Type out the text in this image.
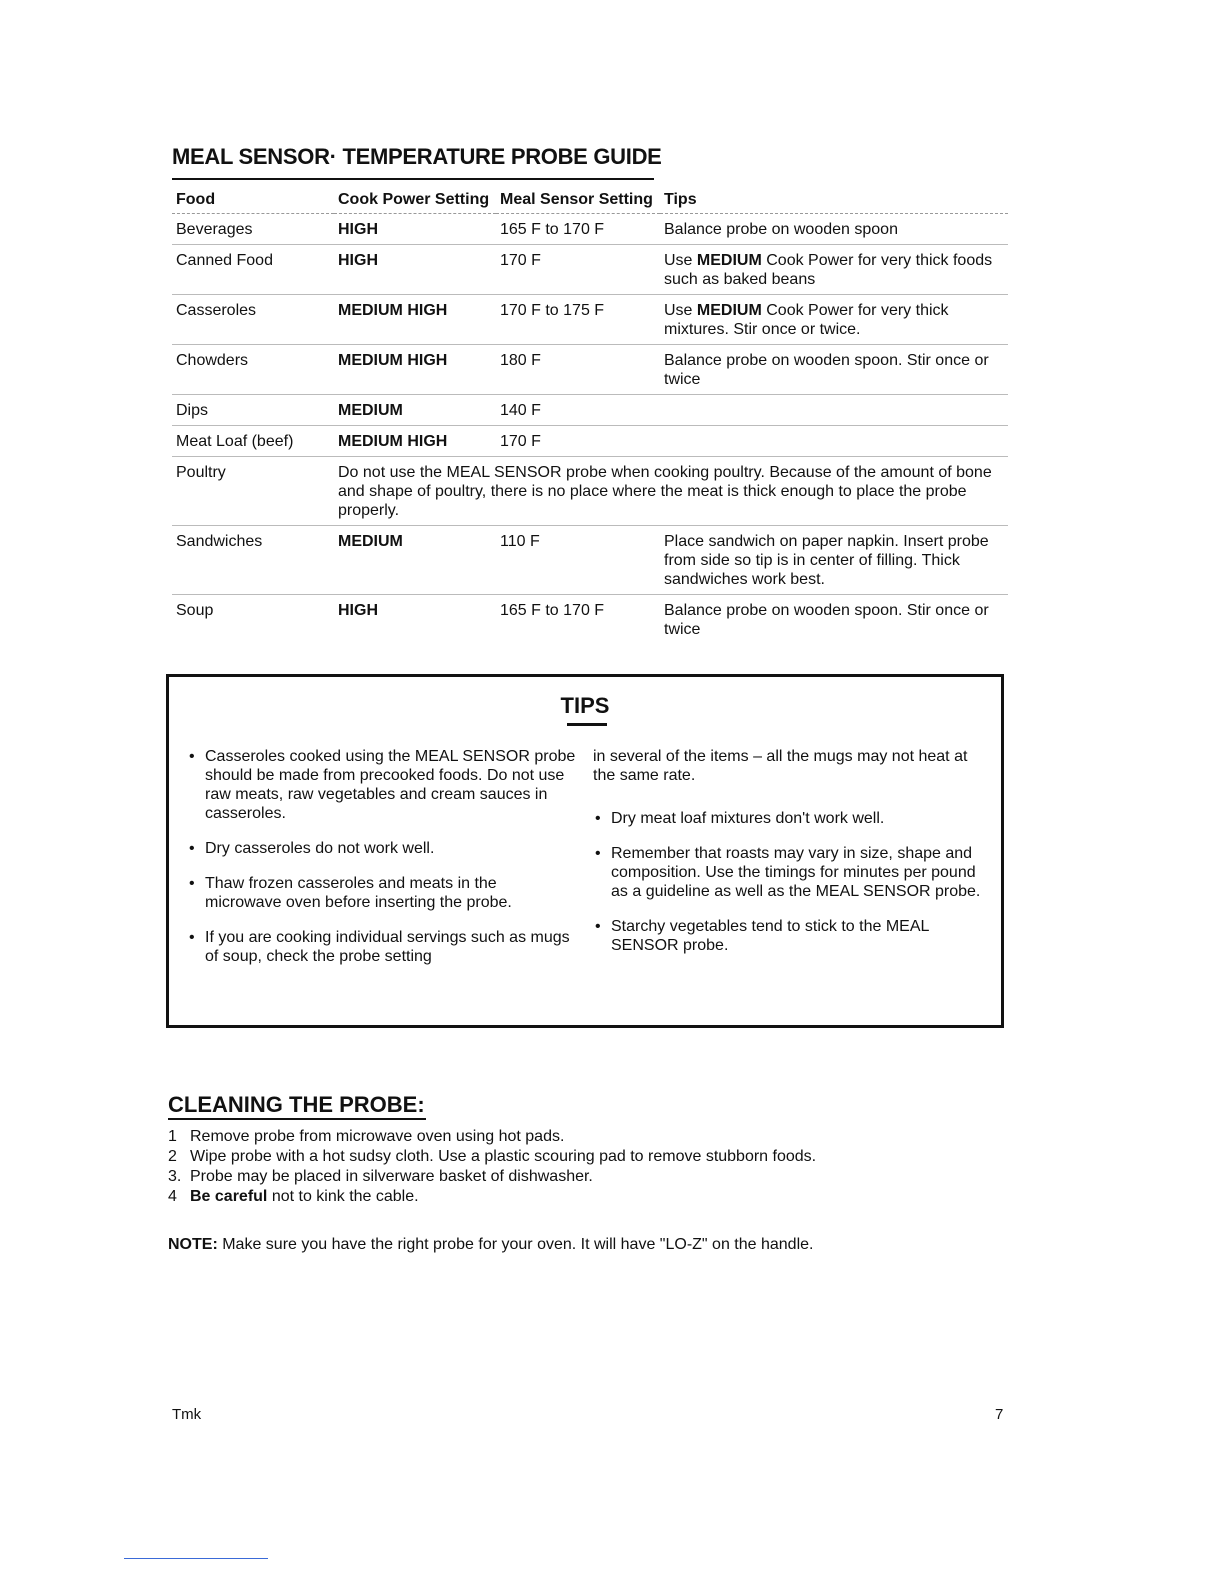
MEAL SENSOR· TEMPERATURE PROBE GUIDE
Food	Cook Power Setting	Meal Sensor Setting	Tips
Beverages	HIGH	165 F to 170 F	Balance probe on wooden spoon
Canned Food	HIGH	170 F	Use MEDIUM Cook Power for very thick foods such as baked beans
Casseroles	MEDIUM HIGH	170 F to 175 F	Use MEDIUM Cook Power for very thick mixtures. Stir once or twice.
Chowders	MEDIUM HIGH	180 F	Balance probe on wooden spoon. Stir once or twice
Dips	MEDIUM	140 F	
Meat Loaf (beef)	MEDIUM HIGH	170 F	
Poultry	Do not use the MEAL SENSOR probe when cooking poultry. Because of the amount of bone and shape of poultry, there is no place where the meat is thick enough to place the probe properly.		
Sandwiches	MEDIUM	110 F	Place sandwich on paper napkin. Insert probe from side so tip is in center of filling. Thick sandwiches work best.
Soup	HIGH	165 F to 170 F	Balance probe on wooden spoon. Stir once or twice
TIPS
• Casseroles cooked using the MEAL SENSOR probe should be made from precooked foods. Do not use raw meats, raw vegetables and cream sauces in casseroles.
• Dry casseroles do not work well.
• Thaw frozen casseroles and meats in the microwave oven before inserting the probe.
• If you are cooking individual servings such as mugs of soup, check the probe setting
in several of the items – all the mugs may not heat at the same rate.
• Dry meat loaf mixtures don't work well.
• Remember that roasts may vary in size, shape and composition. Use the timings for minutes per pound as a guideline as well as the MEAL SENSOR probe.
• Starchy vegetables tend to stick to the MEAL SENSOR probe.
CLEANING THE PROBE:
1 Remove probe from microwave oven using hot pads.
2 Wipe probe with a hot sudsy cloth. Use a plastic scouring pad to remove stubborn foods.
3. Probe may be placed in silverware basket of dishwasher.
4 Be careful not to kink the cable.
NOTE: Make sure you have the right probe for your oven. It will have "LO-Z" on the handle.
Tmk	7
